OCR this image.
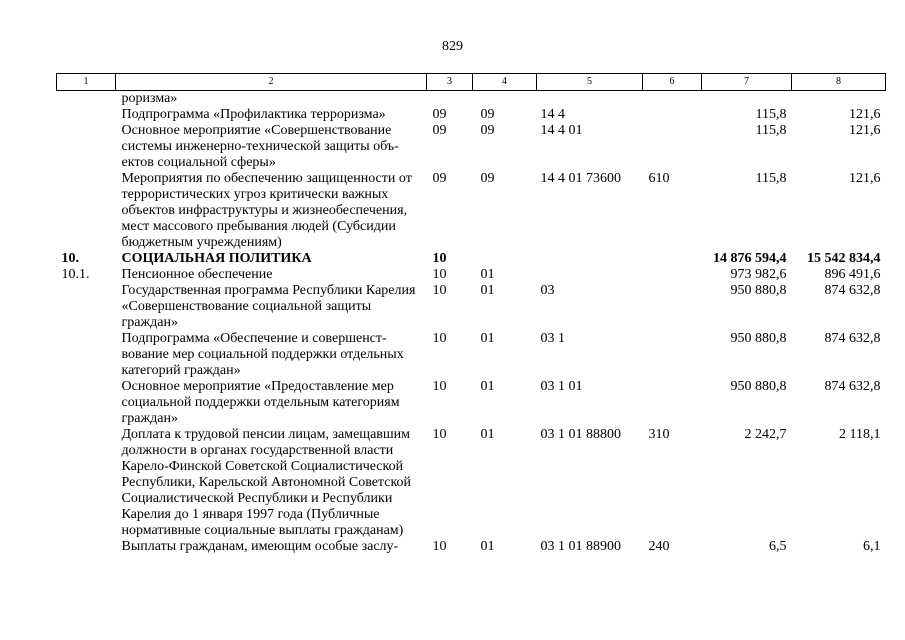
829
1	2	3	4	5	6	7	8
	роризма»						
	Подпрограмма «Профилактика терроризма»	09	09	14 4		115,8	121,6
	Основное мероприятие «Совершенствование системы инженерно-технической защиты объектов социальной сферы»	09	09	14 4 01		115,8	121,6
	Мероприятия по обеспечению защищенности от террористических угроз критически важных объектов инфраструктуры и жизнеобеспечения, мест массового пребывания людей (Субсидии бюджетным учреждениям)	09	09	14 4 01 73600	610	115,8	121,6
10.	СОЦИАЛЬНАЯ ПОЛИТИКА	10				14 876 594,4	15 542 834,4
10.1.	Пенсионное обеспечение	10	01			973 982,6	896 491,6
	Государственная программа Республики Карелия «Совершенствование социальной защиты граждан»	10	01	03		950 880,8	874 632,8
	Подпрограмма «Обеспечение и совершенствование мер социальной поддержки отдельных категорий граждан»	10	01	03 1		950 880,8	874 632,8
	Основное мероприятие «Предоставление мер социальной поддержки отдельным категориям граждан»	10	01	03 1 01		950 880,8	874 632,8
	Доплата к трудовой пенсии лицам, замещавшим должности в органах государственной власти Карело-Финской Советской Социалистической Республики, Карельской Автономной Советской Социалистической Республики и Республики Карелия до 1 января 1997 года (Публичные нормативные социальные выплаты гражданам)	10	01	03 1 01 88800	310	2 242,7	2 118,1
	Выплаты гражданам, имеющим особые заслу-	10	01	03 1 01 88900	240	6,5	6,1
